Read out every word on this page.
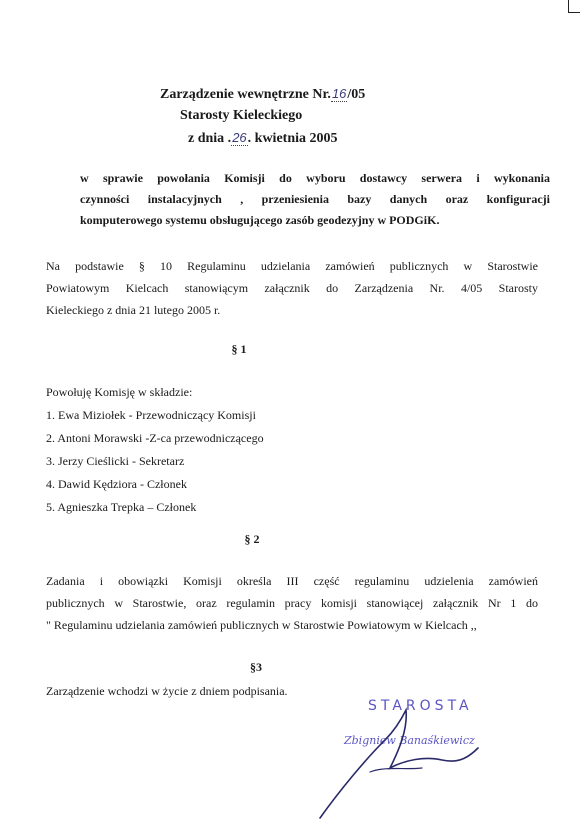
Zarządzenie wewnętrzne Nr.16/05
Starosty Kieleckiego
z dnia .26. kwietnia 2005
w sprawie powołania Komisji do wyboru dostawcy serwera i wykonania
czynności instalacyjnych , przeniesienia bazy danych oraz konfiguracji
komputerowego systemu obsługującego zasób geodezyjny w PODGiK.
Na podstawie § 10 Regulaminu udzielania zamówień publicznych w Starostwie
Powiatowym Kielcach stanowiącym załącznik do Zarządzenia Nr. 4/05 Starosty
Kieleckiego z dnia 21 lutego 2005 r.
§ 1
Powołuję Komisję w składzie:
1. Ewa Miziołek - Przewodniczący Komisji
2. Antoni Morawski -Z-ca przewodniczącego
3. Jerzy Cieślicki - Sekretarz
4. Dawid Kędziora - Członek
5. Agnieszka Trepka – Członek
§ 2
Zadania i obowiązki Komisji określa III część regulaminu udzielenia zamówień
publicznych w Starostwie, oraz regulamin pracy komisji stanowiącej załącznik Nr 1 do
" Regulaminu udzielania zamówień publicznych w Starostwie Powiatowym w Kielcach ,,
§3
Zarządzenie wchodzi w życie z dniem podpisania.
STAROSTA
Zbigniew Banaśkiewicz
